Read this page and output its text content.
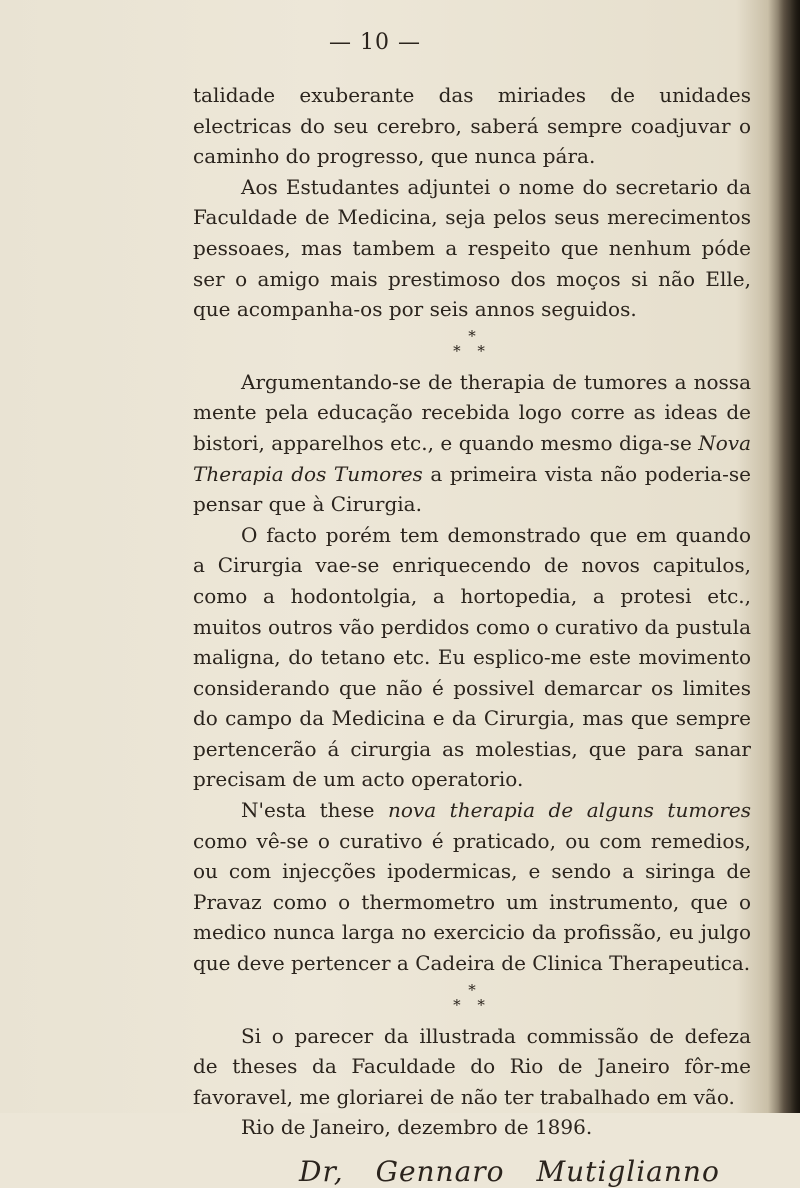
— 10 —

talidade exuberante das miriades de unidades electricas do seu cerebro, saberá sempre coadjuvar o caminho do progresso, que nunca pára.

Aos Estudantes adjuntei o nome do secretario da Faculdade de Medicina, seja pelos seus merecimentos pessoaes, mas tambem a respeito que nenhum póde ser o amigo mais prestimoso dos moços si não Elle, que acompanha-os por seis annos seguidos.

*
* *

Argumentando-se de therapia de tumores a nossa mente pela educação recebida logo corre as ideas de bistori, apparelhos etc., e quando mesmo diga-se Nova Therapia dos Tumores a primeira vista não poderia-se pensar que à Cirurgia.

O facto porém tem demonstrado que em quando a Cirurgia vae-se enriquecendo de novos capitulos, como a hodontolgia, a hortopedia, a protesi etc., muitos outros vão perdidos como o curativo da pustula maligna, do tetano etc. Eu esplico-me este movimento considerando que não é possivel demarcar os limites do campo da Medicina e da Cirurgia, mas que sempre pertencerão á cirurgia as molestias, que para sanar precisam de um acto operatorio.

N'esta these nova therapia de alguns tumores como vê-se o curativo é praticado, ou com remedios, ou com injecções ipodermicas, e sendo a siringa de Pravaz como o thermometro um instrumento, que o medico nunca larga no exercicio da profissão, eu julgo que deve pertencer a Cadeira de Clinica Therapeutica.

*
* *

Si o parecer da illustrada commissão de defeza de theses da Faculdade do Rio de Janeiro fôr-me favoravel, me gloriarei de não ter trabalhado em vão.

Rio de Janeiro, dezembro de 1896.

Dr, Gennaro Mutiglianno
